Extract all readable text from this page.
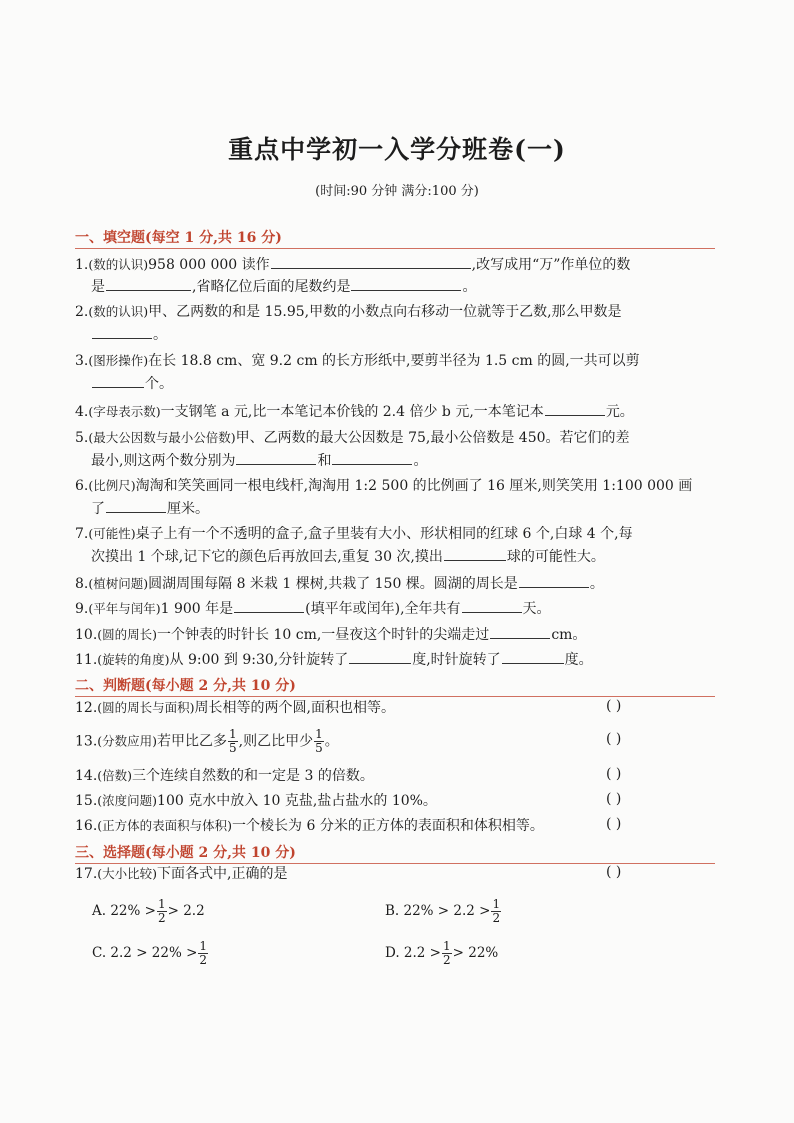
重点中学初一入学分班卷(一)
(时间:90 分钟 满分:100 分)
一、填空题(每空 1 分,共 16 分)
1.(数的认识)958 000 000 读作	,改写成用“万”作单位的数
是	,省略亿位后面的尾数约是	。
2.(数的认识)甲、乙两数的和是 15.95,甲数的小数点向右移动一位就等于乙数,那么甲数是
。
3.(图形操作)在长 18.8 cm、宽 9.2 cm 的长方形纸中,要剪半径为 1.5 cm 的圆,一共可以剪
个。
4.(字母表示数)一支钢笔 a 元,比一本笔记本价钱的 2.4 倍少 b 元,一本笔记本	元。
5.(最大公因数与最小公倍数)甲、乙两数的最大公因数是 75,最小公倍数是 450。若它们的差
最小,则这两个数分别为	和	。
6.(比例尺)淘淘和笑笑画同一根电线杆,淘淘用 1:2 500 的比例画了 16 厘米,则笑笑用 1:100 000 画
了	厘米。
7.(可能性)桌子上有一个不透明的盒子,盒子里装有大小、形状相同的红球 6 个,白球 4 个,每
次摸出 1 个球,记下它的颜色后再放回去,重复 30 次,摸出	球的可能性大。
8.(植树问题)圆湖周围每隔 8 米栽 1 棵树,共栽了 150 棵。圆湖的周长是	。
9.(平年与闰年)1 900 年是	(填平年或闰年),全年共有	天。
10.(圆的周长)一个钟表的时针长 10 cm,一昼夜这个时针的尖端走过	cm。
11.(旋转的角度)从 9:00 到 9:30,分针旋转了	度,时针旋转了	度。
二、判断题(每小题 2 分,共 10 分)
12.(圆的周长与面积)周长相等的两个圆,面积也相等。	( )
13.(分数应用)若甲比乙多 $\frac{1}{5}$ ,则乙比甲少 $\frac{1}{5}$ 。	( )
14.(倍数)三个连续自然数的和一定是 3 的倍数。	( )
15.(浓度问题)100 克水中放入 10 克盐,盐占盐水的 10%。	( )
16.(正方体的表面积与体积)一个棱长为 6 分米的正方体的表面积和体积相等。	( )
三、选择题(每小题 2 分,共 10 分)
17.(大小比较)下面各式中,正确的是	( )
A. $22\% > \frac{1}{2} > 2.2$	B. $22\% > 2.2 > \frac{1}{2}$
C. $2.2 > 22\% > \frac{1}{2}$	D. $2.2 > \frac{1}{2} > 22\%$
